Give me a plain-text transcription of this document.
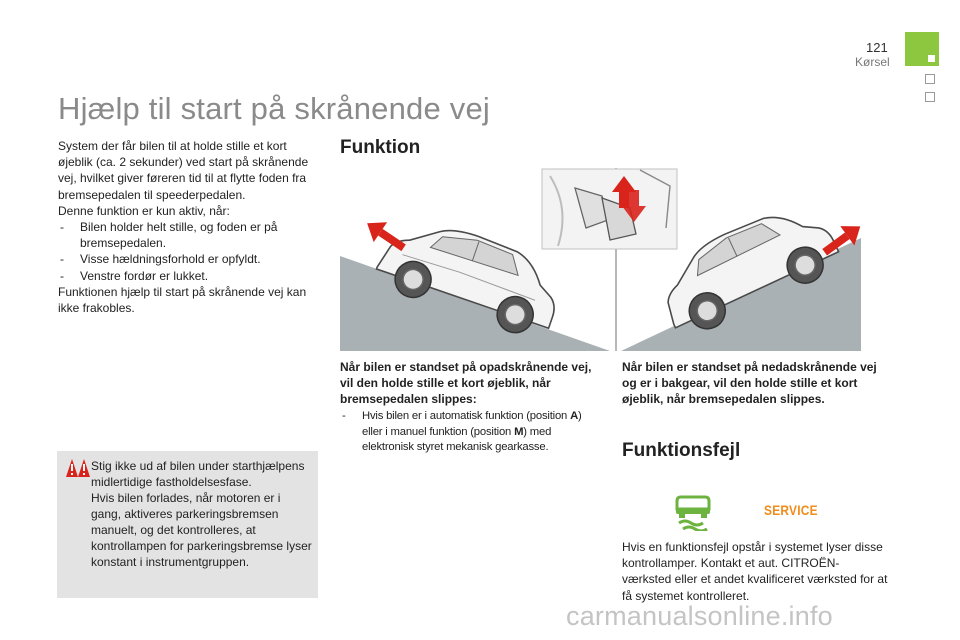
121
Kørsel
Hjælp til start på skrånende vej

System der får bilen til at holde stille et kort øjeblik (ca. 2 sekunder) ved start på skrånende vej, hvilket giver føreren tid til at flytte foden fra bremsepedalen til speederpedalen.

Denne funktion er kun aktiv, når:

- Bilen holder helt stille, og foden er på bremsepedalen.
- Visse hældningsforhold er opfyldt.
- Venstre fordør er lukket.

Funktionen hjælp til start på skrånende vej kan ikke frakobles.

Stig ikke ud af bilen under starthjælpens midlertidige fastholdelsesfase.

Hvis bilen forlades, når motoren er i gang, aktiveres parkeringsbremsen manuelt, og det kontrolleres, at kontrollampen for parkeringsbremse lyser konstant i instrumentgruppen.

Funktion
Når bilen er standset på opadskrånende vej, vil den holde stille et kort øjeblik, når bremsepedalen slippes:
- Hvis bilen er i automatisk funktion (position A) eller i manuel funktion (position M) med elektronisk styret mekanisk gearkasse.
Når bilen er standset på nedadskrånende vej og er i bakgear, vil den holde stille et kort øjeblik, når bremsepedalen slippes.
Funktionsfejl
SERVICE
Hvis en funktionsfejl opstår i systemet lyser disse kontrollamper. Kontakt et aut. CITROËN-værksted eller et andet kvalificeret værksted for at få systemet kontrolleret.
carmanualsonline.info
